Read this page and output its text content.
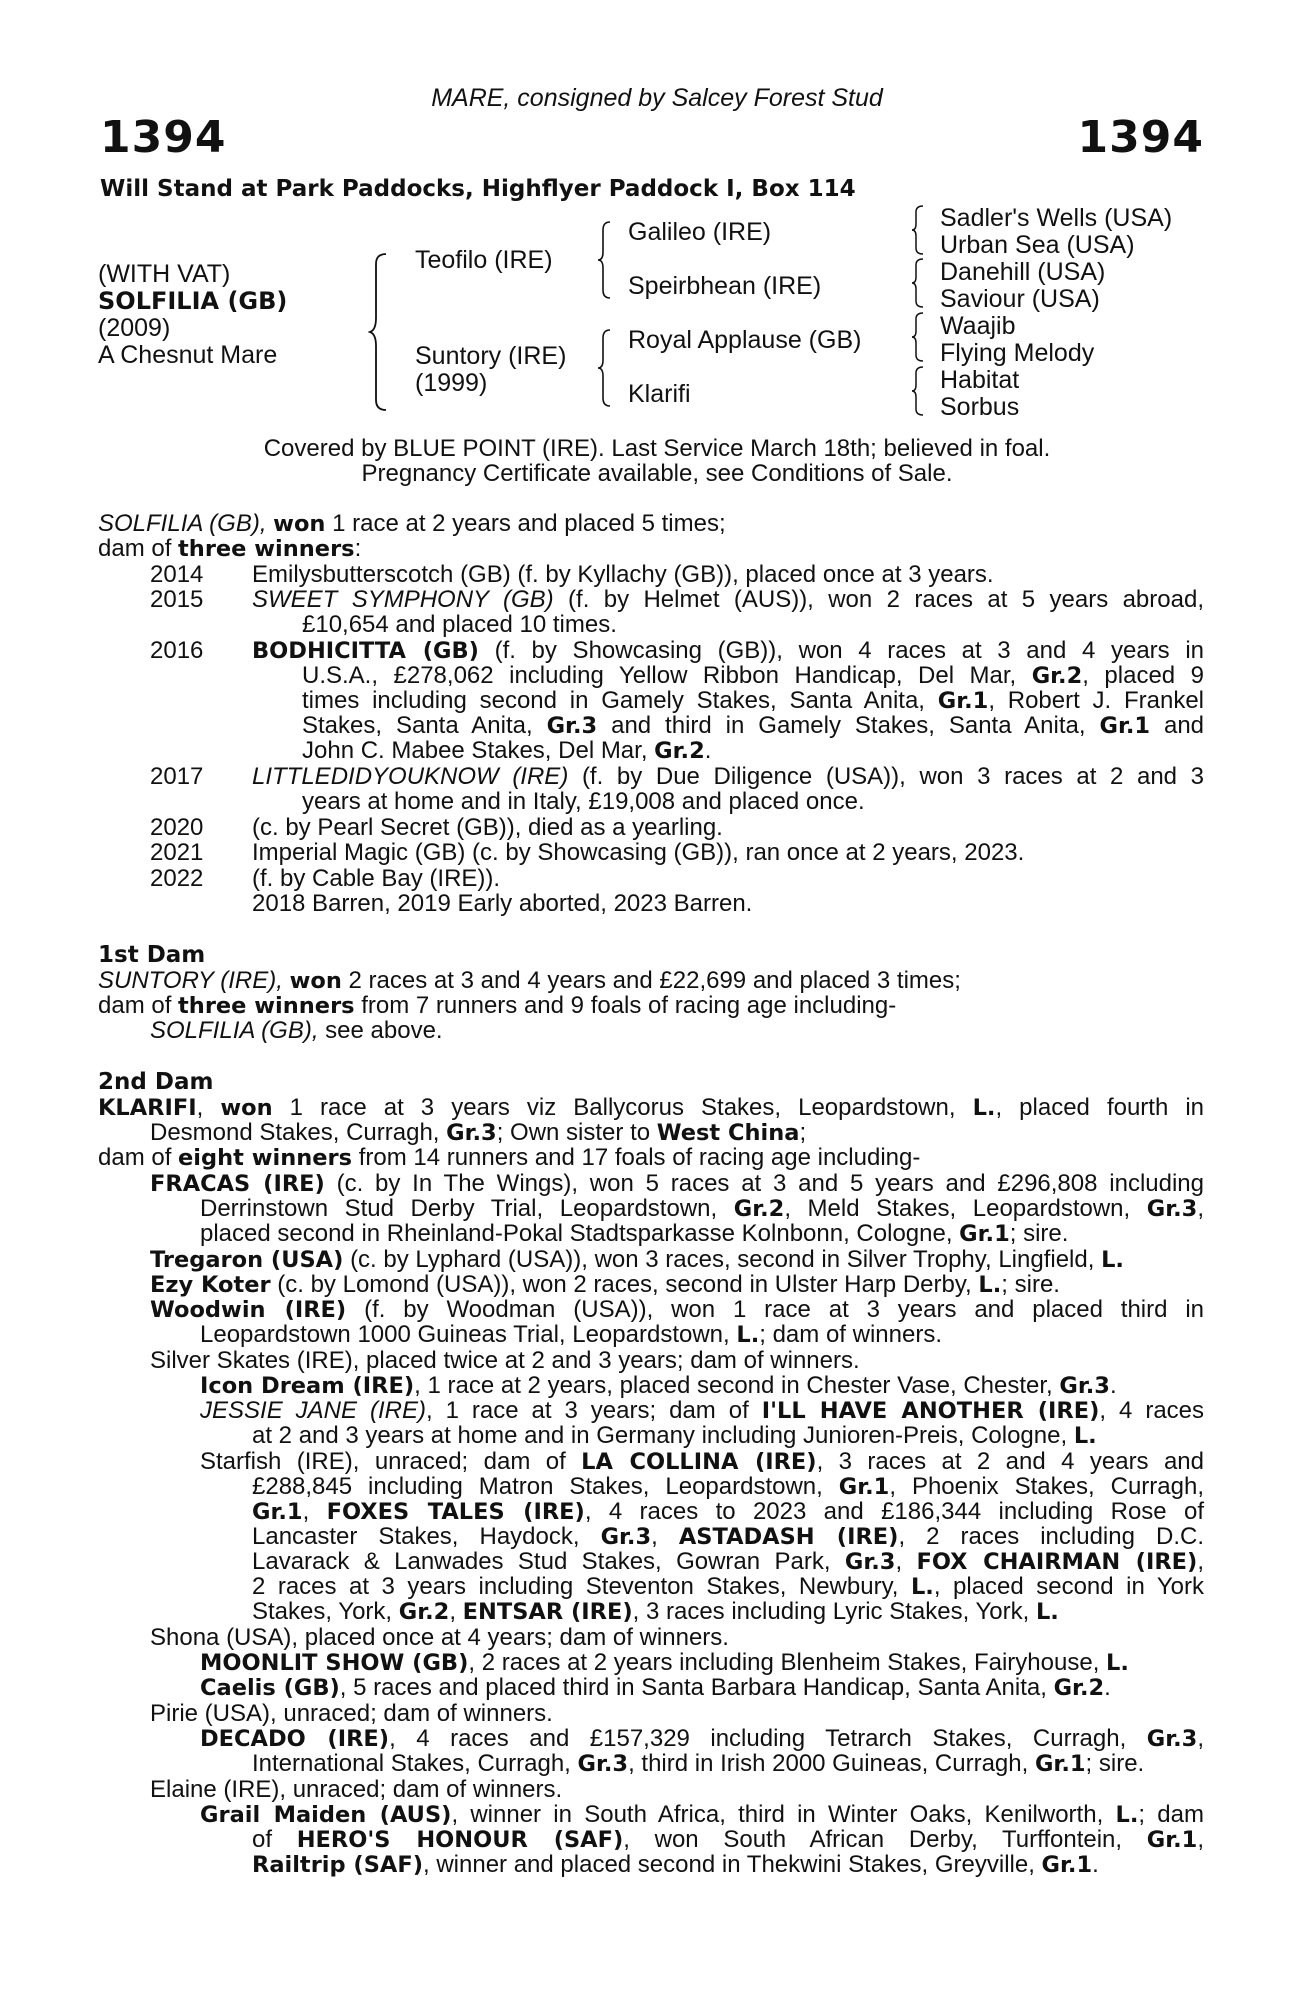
MARE, consigned by Salcey Forest Stud
1394	1394
Will Stand at Park Paddocks, Highflyer Paddock I, Box 114
(WITH VAT)
SOLFILIA (GB)
(2009)
A Chesnut Mare
Teofilo (IRE)
Suntory (IRE)
(1999)
Galileo (IRE)
Speirbhean (IRE)
Royal Applause (GB)
Klarifi
Sadler's Wells (USA)
Urban Sea (USA)
Danehill (USA)
Saviour (USA)
Waajib
Flying Melody
Habitat
Sorbus
Covered by BLUE POINT (IRE). Last Service March 18th; believed in foal.
Pregnancy Certificate available, see Conditions of Sale.
SOLFILIA (GB), won 1 race at 2 years and placed 5 times;
dam of three winners:
2014 Emilysbutterscotch (GB) (f. by Kyllachy (GB)), placed once at 3 years.
2015 SWEET SYMPHONY (GB) (f. by Helmet (AUS)), won 2 races at 5 years abroad,
£10,654 and placed 10 times.
2016 BODHICITTA (GB) (f. by Showcasing (GB)), won 4 races at 3 and 4 years in
U.S.A., £278,062 including Yellow Ribbon Handicap, Del Mar, Gr.2, placed 9
times including second in Gamely Stakes, Santa Anita, Gr.1, Robert J. Frankel
Stakes, Santa Anita, Gr.3 and third in Gamely Stakes, Santa Anita, Gr.1 and
John C. Mabee Stakes, Del Mar, Gr.2.
2017 LITTLEDIDYOUKNOW (IRE) (f. by Due Diligence (USA)), won 3 races at 2 and 3
years at home and in Italy, £19,008 and placed once.
2020 (c. by Pearl Secret (GB)), died as a yearling.
2021 Imperial Magic (GB) (c. by Showcasing (GB)), ran once at 2 years, 2023.
2022 (f. by Cable Bay (IRE)).
2018 Barren, 2019 Early aborted, 2023 Barren.
1st Dam
SUNTORY (IRE), won 2 races at 3 and 4 years and £22,699 and placed 3 times;
dam of three winners from 7 runners and 9 foals of racing age including-
SOLFILIA (GB), see above.
2nd Dam
KLARIFI, won 1 race at 3 years viz Ballycorus Stakes, Leopardstown, L., placed fourth in
Desmond Stakes, Curragh, Gr.3; Own sister to West China;
dam of eight winners from 14 runners and 17 foals of racing age including-
FRACAS (IRE) (c. by In The Wings), won 5 races at 3 and 5 years and £296,808 including
Derrinstown Stud Derby Trial, Leopardstown, Gr.2, Meld Stakes, Leopardstown, Gr.3,
placed second in Rheinland-Pokal Stadtsparkasse Kolnbonn, Cologne, Gr.1; sire.
Tregaron (USA) (c. by Lyphard (USA)), won 3 races, second in Silver Trophy, Lingfield, L.
Ezy Koter (c. by Lomond (USA)), won 2 races, second in Ulster Harp Derby, L.; sire.
Woodwin (IRE) (f. by Woodman (USA)), won 1 race at 3 years and placed third in
Leopardstown 1000 Guineas Trial, Leopardstown, L.; dam of winners.
Silver Skates (IRE), placed twice at 2 and 3 years; dam of winners.
Icon Dream (IRE), 1 race at 2 years, placed second in Chester Vase, Chester, Gr.3.
JESSIE JANE (IRE), 1 race at 3 years; dam of I'LL HAVE ANOTHER (IRE), 4 races
at 2 and 3 years at home and in Germany including Junioren-Preis, Cologne, L.
Starfish (IRE), unraced; dam of LA COLLINA (IRE), 3 races at 2 and 4 years and
£288,845 including Matron Stakes, Leopardstown, Gr.1, Phoenix Stakes, Curragh,
Gr.1, FOXES TALES (IRE), 4 races to 2023 and £186,344 including Rose of
Lancaster Stakes, Haydock, Gr.3, ASTADASH (IRE), 2 races including D.C.
Lavarack & Lanwades Stud Stakes, Gowran Park, Gr.3, FOX CHAIRMAN (IRE),
2 races at 3 years including Steventon Stakes, Newbury, L., placed second in York
Stakes, York, Gr.2, ENTSAR (IRE), 3 races including Lyric Stakes, York, L.
Shona (USA), placed once at 4 years; dam of winners.
MOONLIT SHOW (GB), 2 races at 2 years including Blenheim Stakes, Fairyhouse, L.
Caelis (GB), 5 races and placed third in Santa Barbara Handicap, Santa Anita, Gr.2.
Pirie (USA), unraced; dam of winners.
DECADO (IRE), 4 races and £157,329 including Tetrarch Stakes, Curragh, Gr.3,
International Stakes, Curragh, Gr.3, third in Irish 2000 Guineas, Curragh, Gr.1; sire.
Elaine (IRE), unraced; dam of winners.
Grail Maiden (AUS), winner in South Africa, third in Winter Oaks, Kenilworth, L.; dam
of HERO'S HONOUR (SAF), won South African Derby, Turffontein, Gr.1,
Railtrip (SAF), winner and placed second in Thekwini Stakes, Greyville, Gr.1.
